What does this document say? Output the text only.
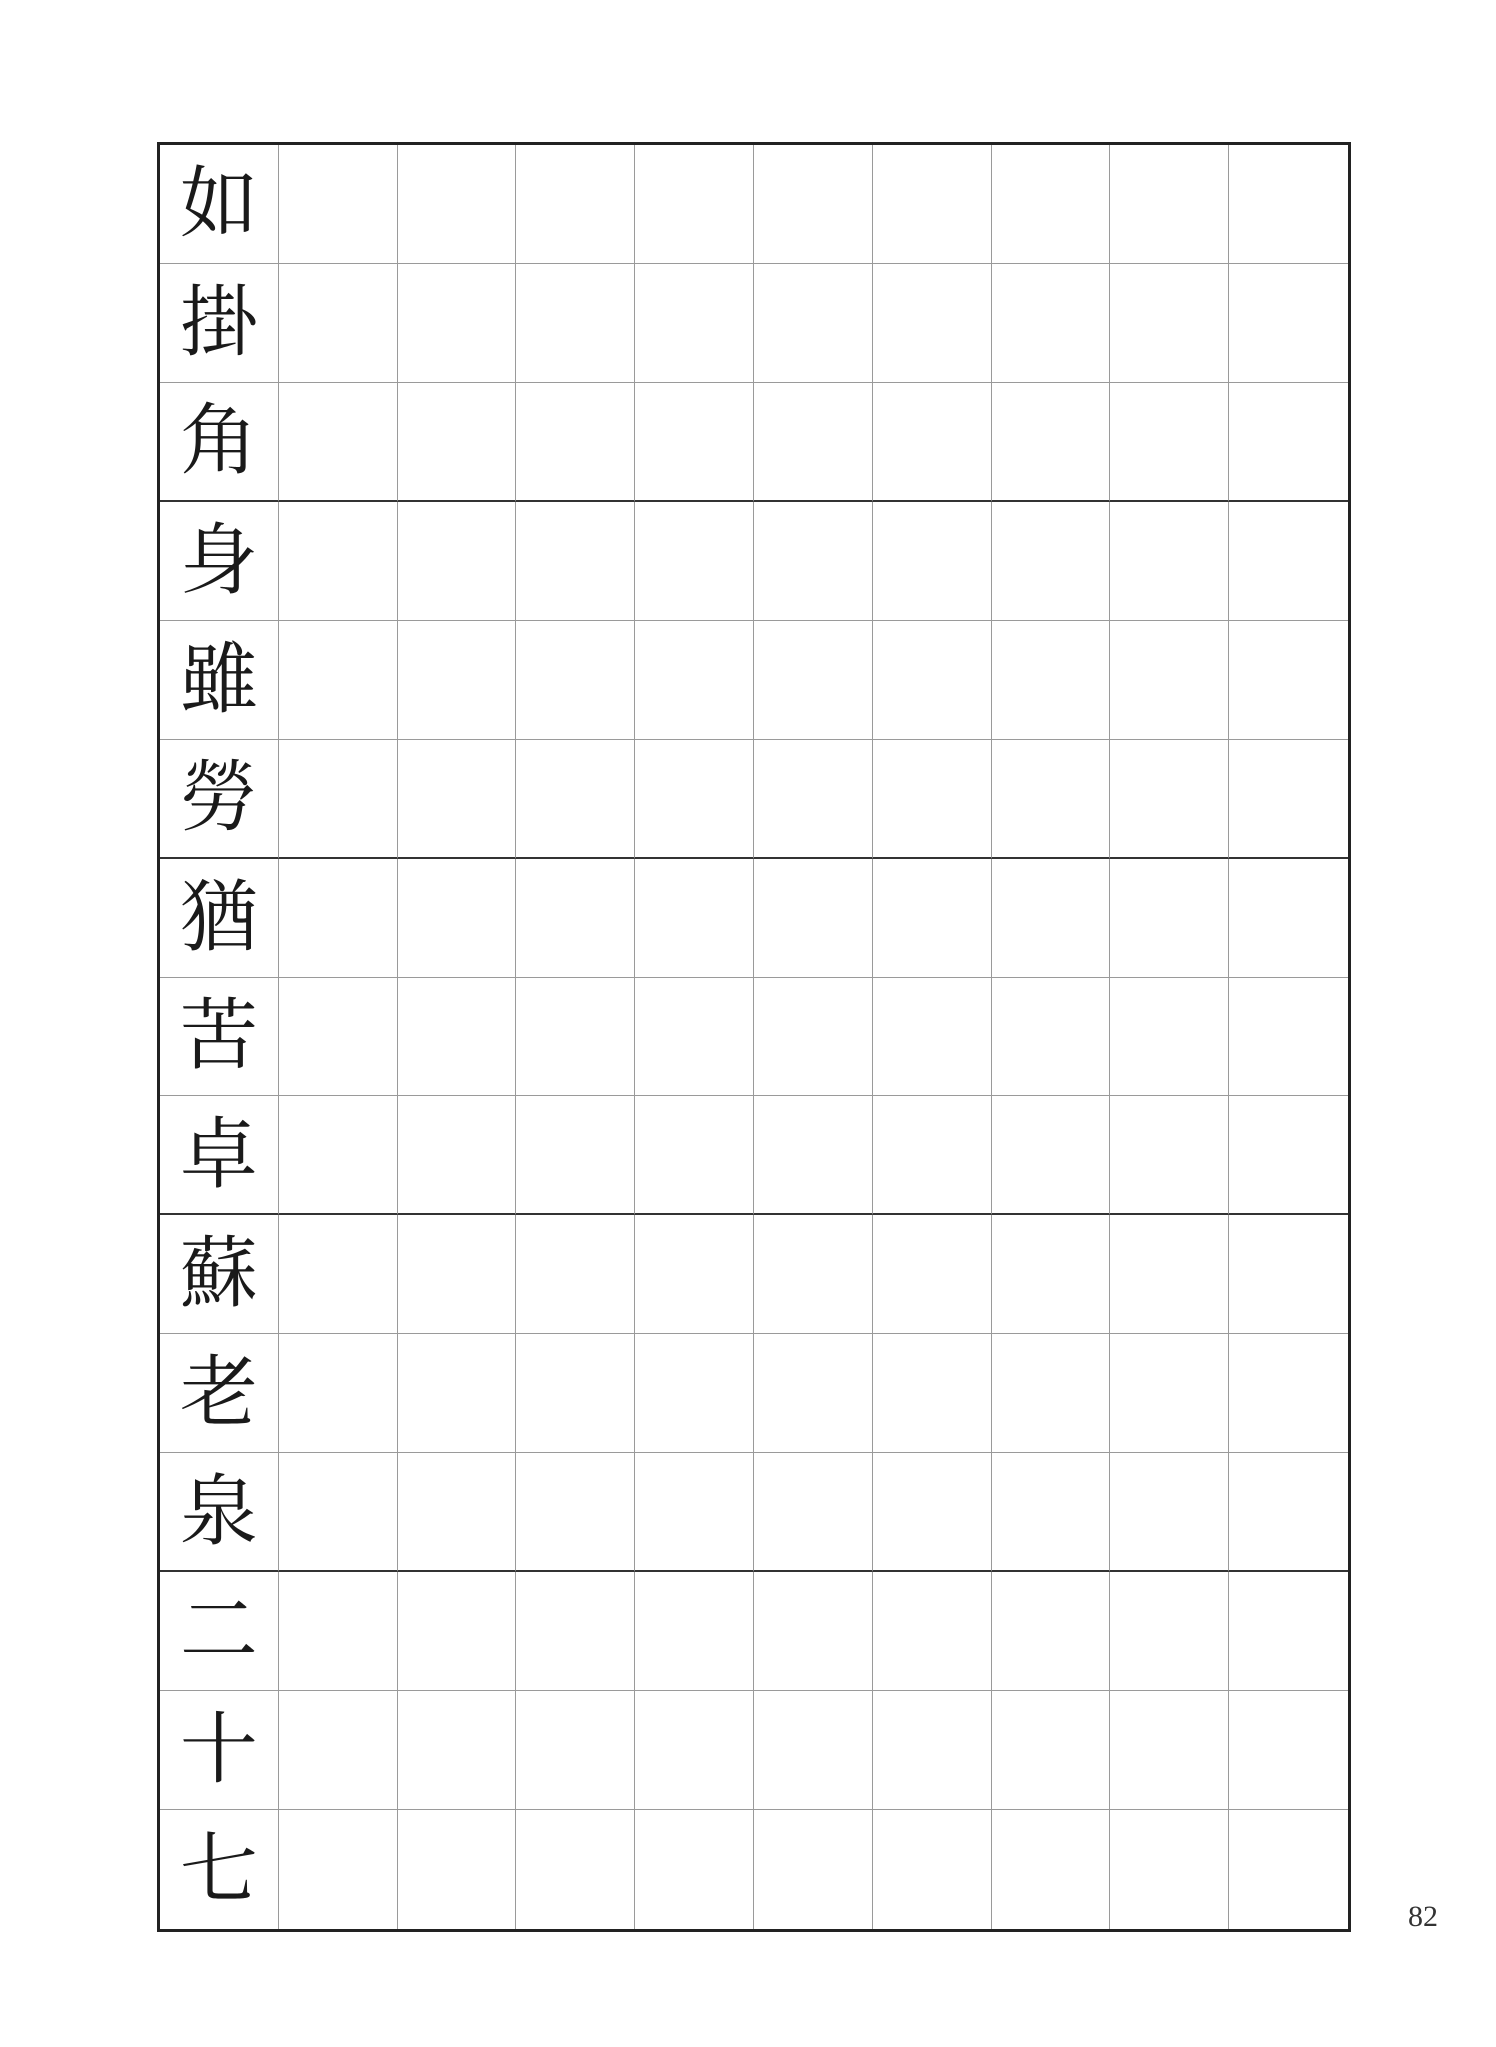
如
掛
角
身
雖
勞
猶
苦
卓
蘇
老
泉
二
十
七
82
